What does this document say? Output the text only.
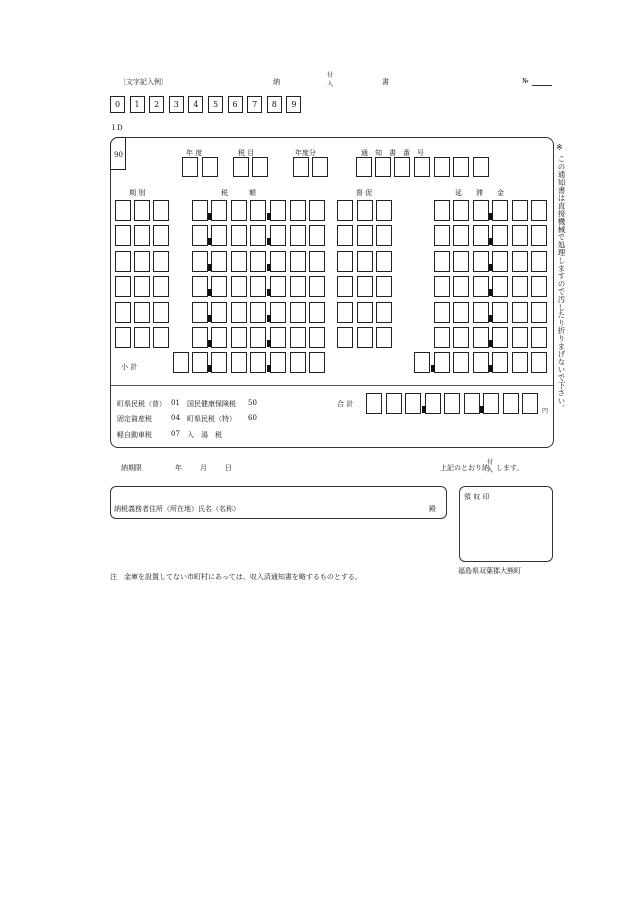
〔文字記入例〕	納
付
入	書	№
0	1	2	3	4	5	6	7	8	9
I D
90	年 度	税 目	年度分	通　知　書　番　号
期 別	税　　　額	督 促	延　　滞　　金
小 計
町県民税（普） 01 国民健康保険税 50
固定資産税	04 町県民税（特） 60
軽自動車税	07 入　湯　税
合 計
円
※
この通知書は直接機械で処理しますので汚したり折りまげないで下さい。
納期限	年	月	日	上記のとおり納
付
入 します。
納税義務者住所（所在地）氏名（名称）	殿
領 収 印
福島県双葉郡大熊町
注　金庫を設置してない市町村にあっては、収入済通知書を略するものとする。
